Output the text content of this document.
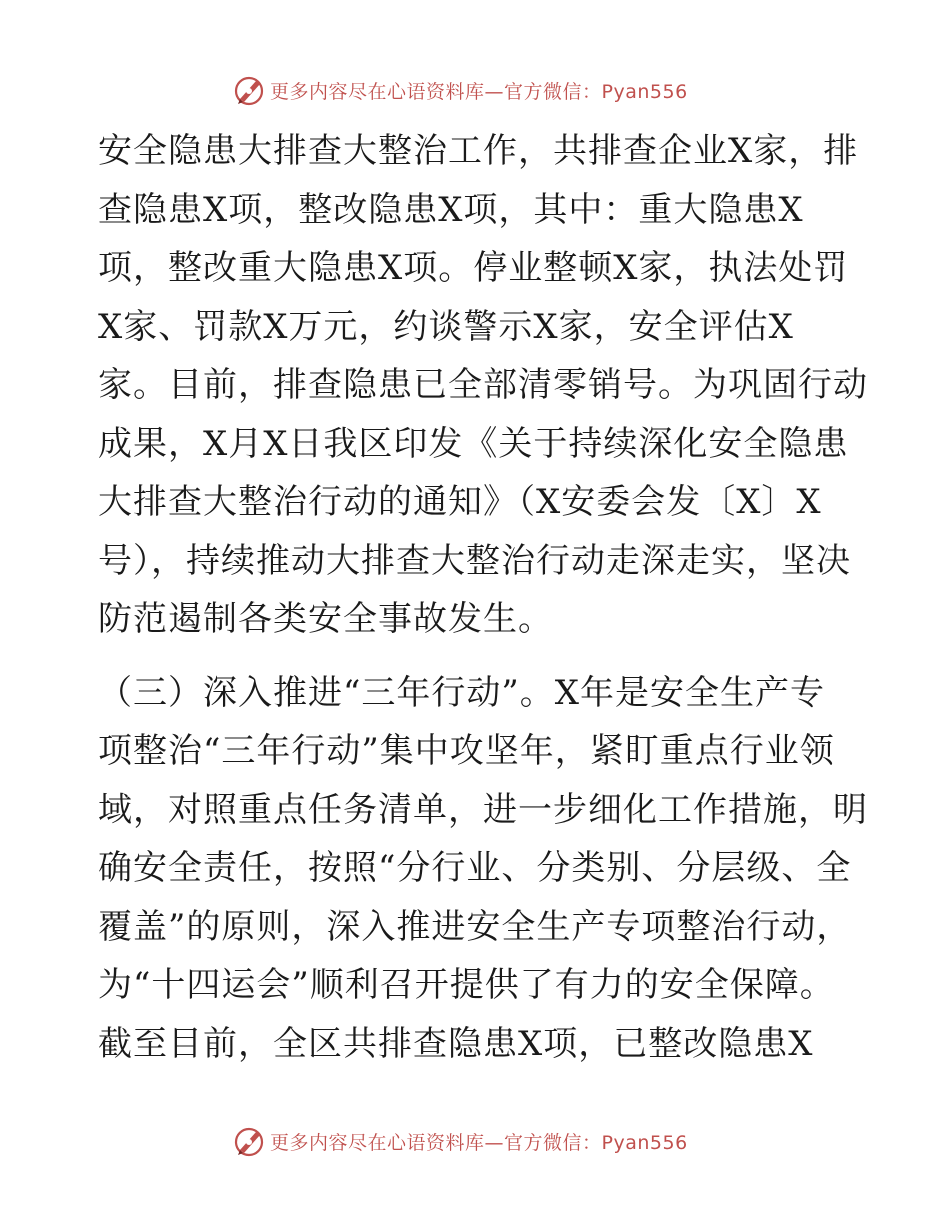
更多内容尽在心语资料库—官方微信：Pyan556
安全隐患大排查大整治工作，共排查企业X家，排
查隐患X项，整改隐患X项，其中：重大隐患X
项，整改重大隐患X项。停业整顿X家，执法处罚
X家、罚款X万元，约谈警示X家，安全评估X
家。目前，排查隐患已全部清零销号。为巩固行动
成果，X月X日我区印发《关于持续深化安全隐患
大排查大整治行动的通知》（X安委会发〔X〕X
号），持续推动大排查大整治行动走深走实，坚决
防范遏制各类安全事故发生。
（三）深入推进“三年行动”。X年是安全生产专
项整治“三年行动”集中攻坚年，紧盯重点行业领
域，对照重点任务清单，进一步细化工作措施，明
确安全责任，按照“分行业、分类别、分层级、全
覆盖”的原则，深入推进安全生产专项整治行动，
为“十四运会”顺利召开提供了有力的安全保障。
截至目前，全区共排查隐患X项，已整改隐患X
更多内容尽在心语资料库—官方微信：Pyan556
